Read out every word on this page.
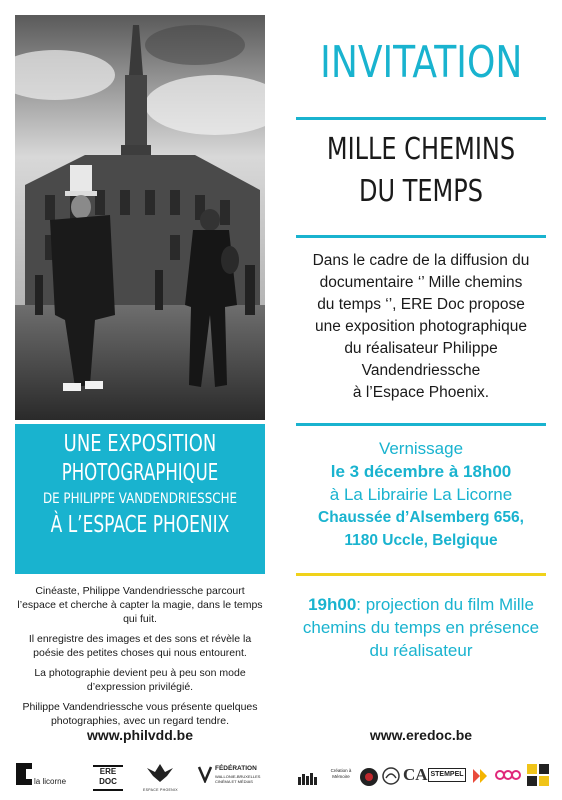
INVITATION
MILLE CHEMINS
DU TEMPS
Dans le cadre de la diffusion du
documentaire ‘’ Mille chemins
du temps ‘’, ERE Doc propose
une exposition photographique
du réalisateur Philippe
Vandendriessche
à l’Espace Phoenix.
Vernissage
le 3 décembre à 18h00
à La Librairie La Licorne
Chaussée d’Alsemberg 656,
1180 Uccle, Belgique
19h00: projection du film Mille chemins du temps en présence du réalisateur
UNE EXPOSITION
PHOTOGRAPHIQUE
DE PHILIPPE VANDENDRIESSCHE
À L’ESPACE PHOENIX

Cinéaste, Philippe Vandendriessche parcourt l’espace et cherche à capter la magie, dans le temps qui fuit.

Il enregistre des images et des sons et révèle la poésie des petites choses qui nous entourent.

La photographie devient peu à peu son mode d’expression privilégié.

Philippe Vandendriessche vous présente quelques photographies, avec un regard tendre.

www.philvdd.be	www.eredoc.be
la licorne
ERE
DOC
ESPACE PHOENIX
FÉDÉRATION
WALLONIE-BRUXELLES
CINÉMA ET MÉDIAS
Création à Mémoire	CA STEMPEL
